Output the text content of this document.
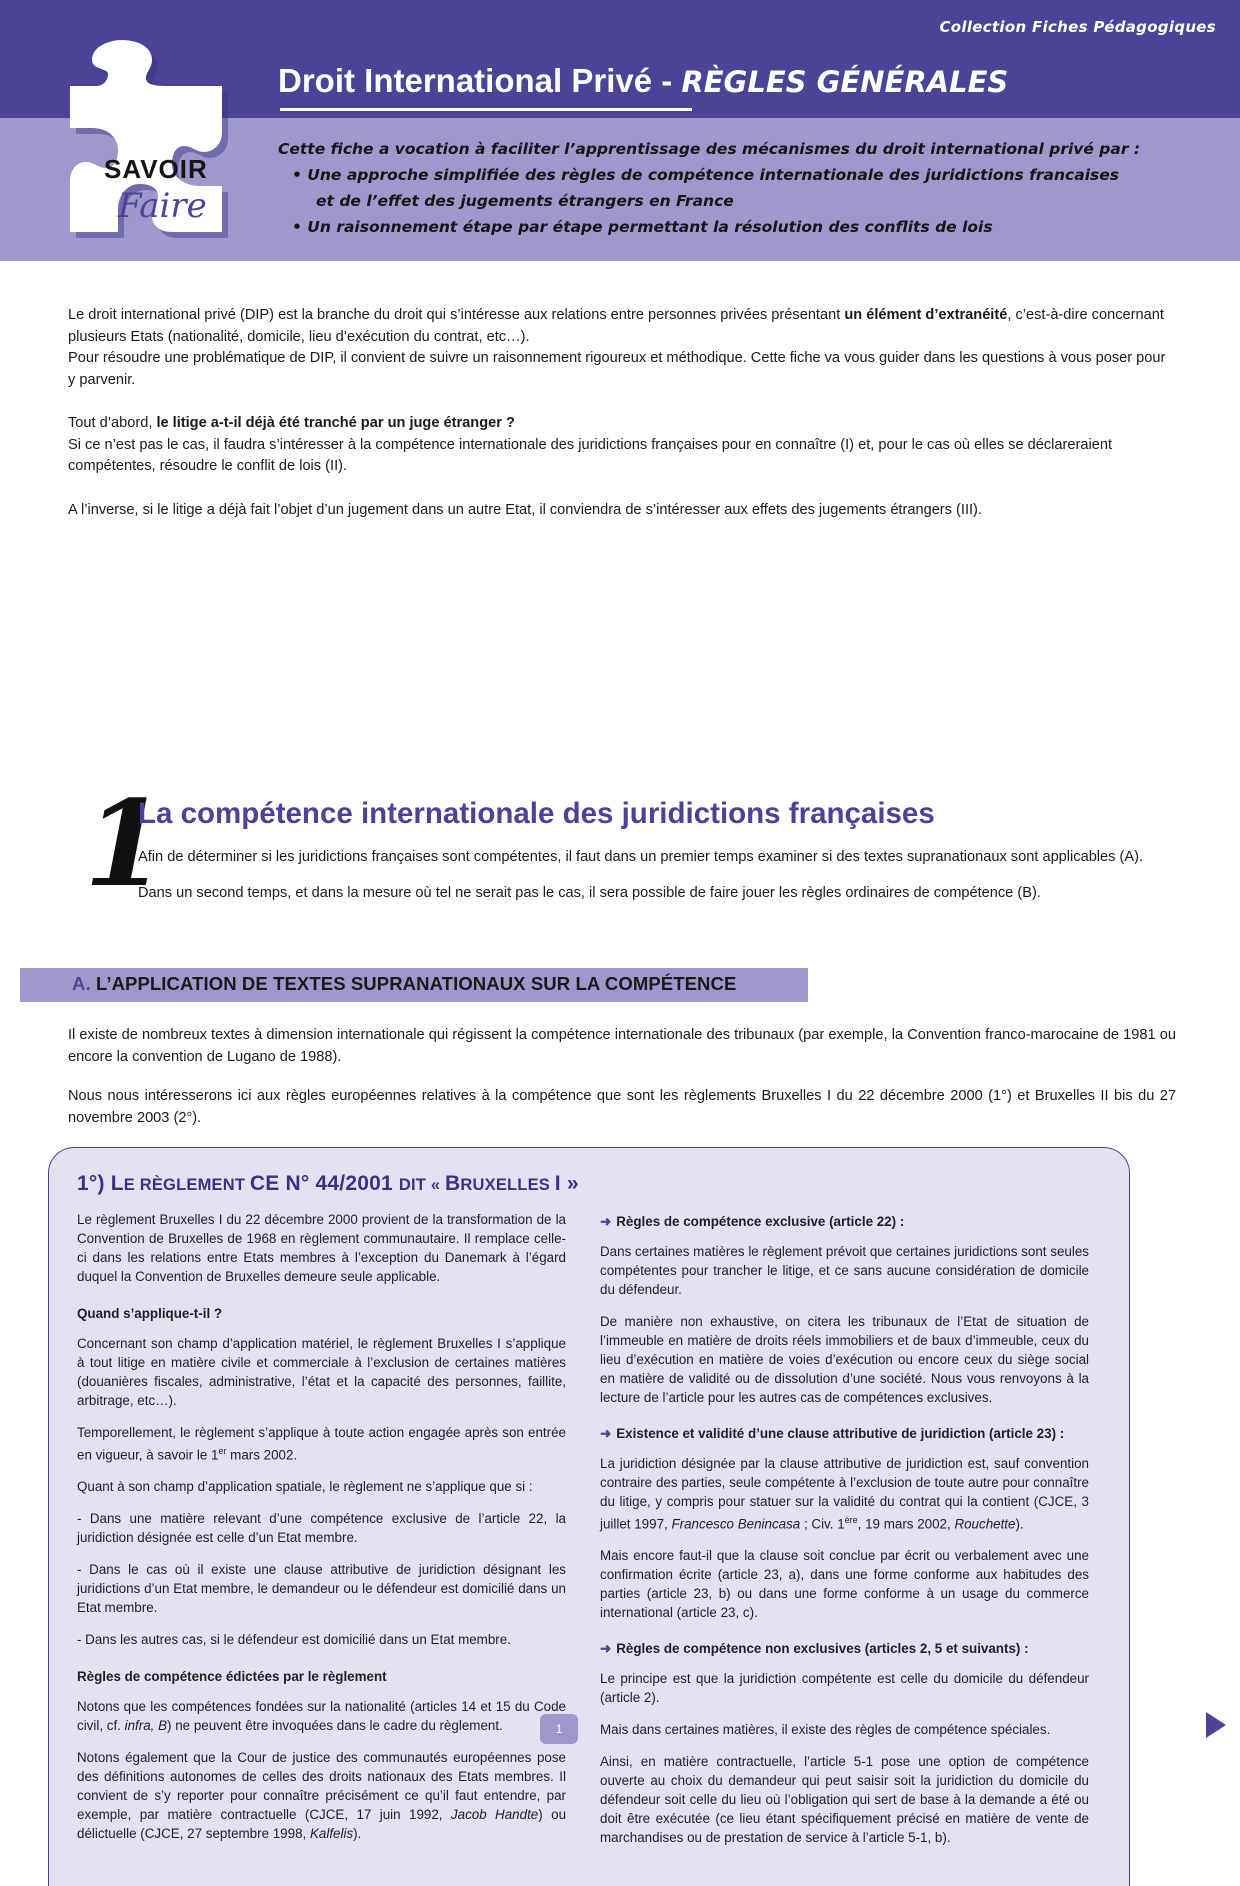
Collection Fiches Pédagogiques
SAVOIR
Faire
Droit International Privé - RÈGLES GÉNÉRALES
Cette fiche a vocation à faciliter l’apprentissage des mécanismes du droit international privé par :
• Une approche simplifiée des règles de compétence internationale des juridictions francaises
et de l’effet des jugements étrangers en France
• Un raisonnement étape par étape permettant la résolution des conflits de lois

Le droit international privé (DIP) est la branche du droit qui s’intéresse aux relations entre personnes privées présentant un élément d’extranéité, c’est-à-dire concernant plusieurs Etats (nationalité, domicile, lieu d’exécution du contrat, etc…).

Pour résoudre une problématique de DIP, il convient de suivre un raisonnement rigoureux et méthodique. Cette fiche va vous guider dans les questions à vous poser pour y parvenir.

Tout d’abord, le litige a-t-il déjà été tranché par un juge étranger ?

Si ce n’est pas le cas, il faudra s’intéresser à la compétence internationale des juridictions françaises pour en connaître (I) et, pour le cas où elles se déclareraient compétentes, résoudre le conflit de lois (II).

A l’inverse, si le litige a déjà fait l’objet d’un jugement dans un autre Etat, il conviendra de s’intéresser aux effets des jugements étrangers (III).

1
La compétence internationale des juridictions françaises

Afin de déterminer si les juridictions françaises sont compétentes, il faut dans un premier temps examiner si des textes supranationaux sont applicables (A).

Dans un second temps, et dans la mesure où tel ne serait pas le cas, il sera possible de faire jouer les règles ordinaires de compétence (B).

A. L’APPLICATION DE TEXTES SUPRANATIONAUX SUR LA COMPÉTENCE

Il existe de nombreux textes à dimension internationale qui régissent la compétence internationale des tribunaux (par exemple, la Convention franco-marocaine de 1981 ou encore la convention de Lugano de 1988).

Nous nous intéresserons ici aux règles européennes relatives à la compétence que sont les règlements Bruxelles I du 22 décembre 2000 (1°) et Bruxelles II bis du 27 novembre 2003 (2°).

1°) LE RÈGLEMENT CE N° 44/2001 DIT « BRUXELLES I »

Le règlement Bruxelles I du 22 décembre 2000 provient de la transformation de la Convention de Bruxelles de 1968 en règlement communautaire. Il remplace celle-ci dans les relations entre Etats membres à l’exception du Danemark à l’égard duquel la Convention de Bruxelles demeure seule applicable.

Quand s’applique-t-il ?

Concernant son champ d’application matériel, le règlement Bruxelles I s’applique à tout litige en matière civile et commerciale à l’exclusion de certaines matières (douanières fiscales, administrative, l’état et la capacité des personnes, faillite, arbitrage, etc…).

Temporellement, le règlement s’applique à toute action engagée après son entrée en vigueur, à savoir le 1er mars 2002.

Quant à son champ d’application spatiale, le règlement ne s’applique que si :

- Dans une matière relevant d’une compétence exclusive de l’article 22, la juridiction désignée est celle d’un Etat membre.

- Dans le cas où il existe une clause attributive de juridiction désignant les juridictions d’un Etat membre, le demandeur ou le défendeur est domicilié dans un Etat membre.

- Dans les autres cas, si le défendeur est domicilié dans un Etat membre.

Règles de compétence édictées par le règlement

Notons que les compétences fondées sur la nationalité (articles 14 et 15 du Code civil, cf. infra, B) ne peuvent être invoquées dans le cadre du règlement.

Notons également que la Cour de justice des communautés européennes pose des définitions autonomes de celles des droits nationaux des Etats membres. Il convient de s’y reporter pour connaître précisément ce qu’il faut entendre, par exemple, par matière contractuelle (CJCE, 17 juin 1992, Jacob Handte) ou délictuelle (CJCE, 27 septembre 1998, Kalfelis).

➜ Règles de compétence exclusive (article 22) :

Dans certaines matières le règlement prévoit que certaines juridictions sont seules compétentes pour trancher le litige, et ce sans aucune considération de domicile du défendeur.

De manière non exhaustive, on citera les tribunaux de l’Etat de situation de l’immeuble en matière de droits réels immobiliers et de baux d’immeuble, ceux du lieu d’exécution en matière de voies d’exécution ou encore ceux du siège social en matière de validité ou de dissolution d’une société. Nous vous renvoyons à la lecture de l’article pour les autres cas de compétences exclusives.

➜ Existence et validité d’une clause attributive de juridiction (article 23) :

La juridiction désignée par la clause attributive de juridiction est, sauf convention contraire des parties, seule compétente à l’exclusion de toute autre pour connaître du litige, y compris pour statuer sur la validité du contrat qui la contient (CJCE, 3 juillet 1997, Francesco Benincasa ; Civ. 1ère, 19 mars 2002, Rouchette).

Mais encore faut-il que la clause soit conclue par écrit ou verbalement avec une confirmation écrite (article 23, a), dans une forme conforme aux habitudes des parties (article 23, b) ou dans une forme conforme à un usage du commerce international (article 23, c).

➜ Règles de compétence non exclusives (articles 2, 5 et suivants) :

Le principe est que la juridiction compétente est celle du domicile du défendeur (article 2).

Mais dans certaines matières, il existe des règles de compétence spéciales.

Ainsi, en matière contractuelle, l’article 5-1 pose une option de compétence ouverte au choix du demandeur qui peut saisir soit la juridiction du domicile du défendeur soit celle du lieu où l’obligation qui sert de base à la demande a été ou doit être exécutée (ce lieu étant spécifiquement précisé en matière de vente de marchandises ou de prestation de service à l’article 5-1, b).

1
